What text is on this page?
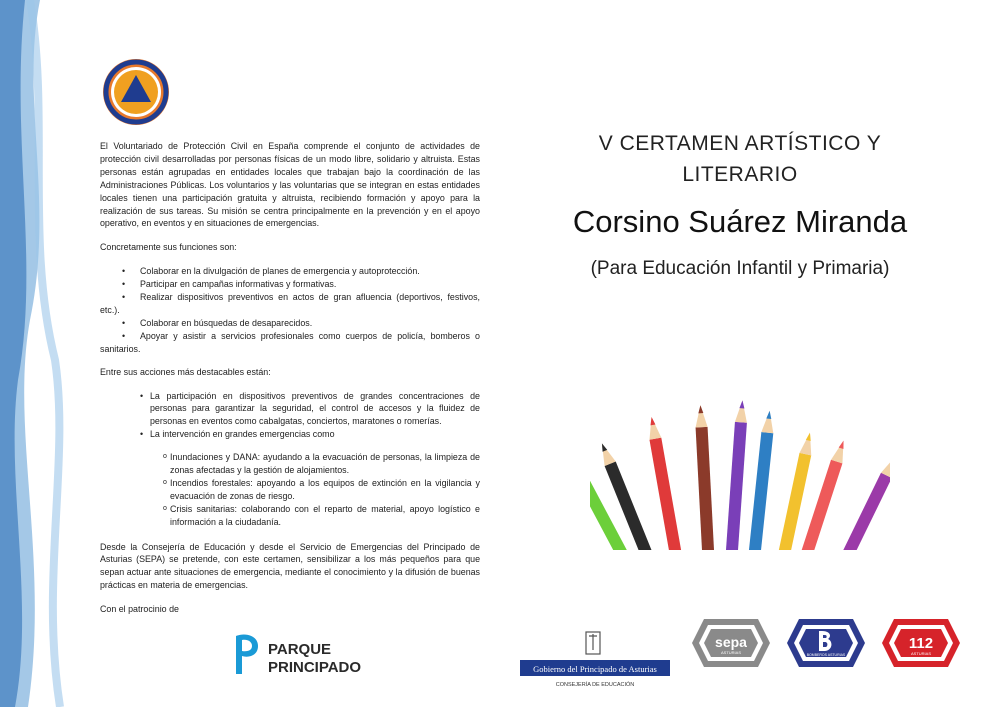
El Voluntariado de Protección Civil en España comprende el conjunto de actividades de protección civil desarrolladas por personas físicas de un modo libre, solidario y altruista. Estas personas están agrupadas en entidades locales que trabajan bajo la coordinación de las Administraciones Públicas. Los voluntarios y las voluntarias que se integran en estas entidades locales tienen una participación gratuita y altruista, recibiendo formación y apoyo para la realización de sus tareas. Su misión se centra principalmente en la prevención y en el apoyo operativo, en eventos y en situaciones de emergencias.

Concretamente sus funciones son:

• Colaborar en la divulgación de planes de emergencia y autoprotección.
• Participar en campañas informativas y formativas.
• Realizar dispositivos preventivos en actos de gran afluencia (deportivos, festivos, etc.).
• Colaborar en búsquedas de desaparecidos.
• Apoyar y asistir a servicios profesionales como cuerpos de policía, bomberos o sanitarios.

Entre sus acciones más destacables están:

• La participación en dispositivos preventivos de grandes concentraciones de personas para garantizar la seguridad, el control de accesos y la fluidez de personas en eventos como cabalgatas, conciertos, maratones o romerías.
• La intervención en grandes emergencias como
o Inundaciones y DANA: ayudando a la evacuación de personas, la limpieza de zonas afectadas y la gestión de alojamientos.
o Incendios forestales: apoyando a los equipos de extinción en la vigilancia y evacuación de zonas de riesgo.
o Crisis sanitarias: colaborando con el reparto de material, apoyo logístico e información a la ciudadanía.

Desde la Consejería de Educación y desde el Servicio de Emergencias del Principado de Asturias (SEPA) se pretende, con este certamen, sensibilizar a los más pequeños para que sepan actuar ante situaciones de emergencia, mediante el conocimiento y la difusión de buenas prácticas en materia de emergencias.

Con el patrocinio de

PARQUE
PRINCIPADO
V CERTAMEN ARTÍSTICO Y
LITERARIO
Corsino Suárez Miranda
(Para Educación Infantil y Primaria)
Gobierno del Principado de Asturias
CONSEJERÍA DE EDUCACIÓN
sepa
ASTURIAS	BOMBEROS ASTURIAS
112
ASTURIAS
